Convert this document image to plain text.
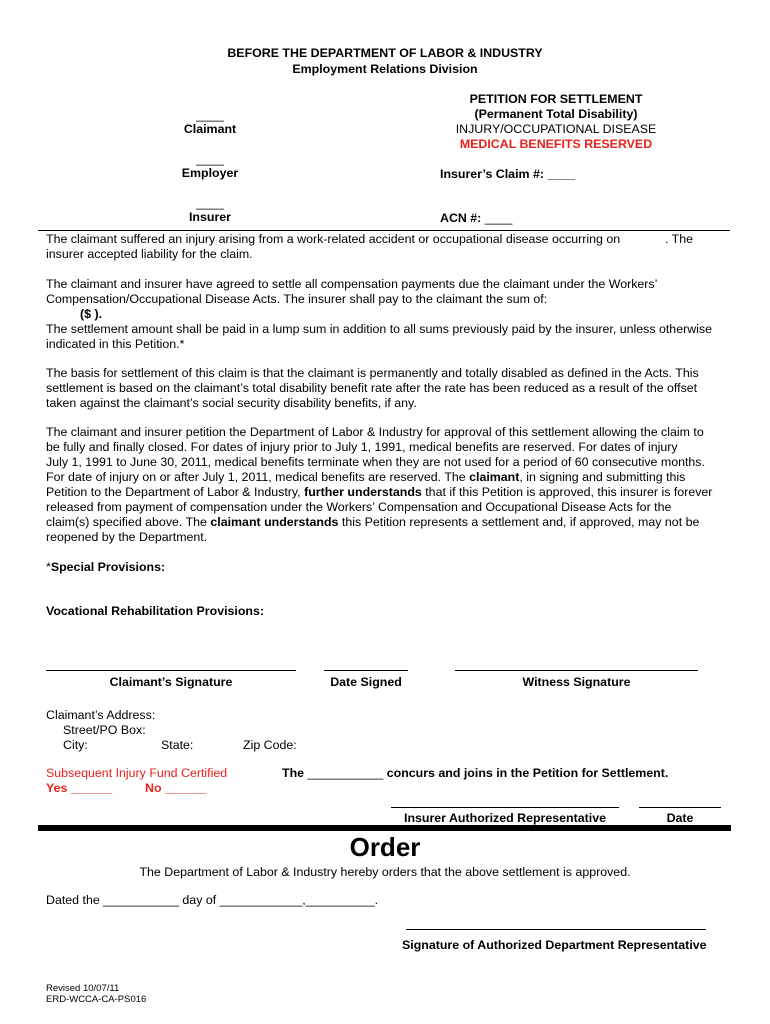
BEFORE THE DEPARTMENT OF LABOR & INDUSTRY
Employment Relations Division
____
Claimant
____
Employer
____
Insurer
PETITION FOR SETTLEMENT
(Permanent Total Disability)
INJURY/OCCUPATIONAL DISEASE
MEDICAL BENEFITS RESERVED
Insurer’s Claim #: ____
ACN #: ____
The claimant suffered an injury arising from a work-related accident or occupational disease occurring on	. The
insurer accepted liability for the claim.

The claimant and insurer have agreed to settle all compensation payments due the claimant under the Workers’

Compensation/Occupational Disease Acts. The insurer shall pay to the claimant the sum of:

($ ).

The settlement amount shall be paid in a lump sum in addition to all sums previously paid by the insurer, unless otherwise

indicated in this Petition.*

The basis for settlement of this claim is that the claimant is permanently and totally disabled as defined in the Acts. This

settlement is based on the claimant’s total disability benefit rate after the rate has been reduced as a result of the offset

taken against the claimant’s social security disability benefits, if any.

The claimant and insurer petition the Department of Labor & Industry for approval of this settlement allowing the claim to

be fully and finally closed. For dates of injury prior to July 1, 1991, medical benefits are reserved. For dates of injury

July 1, 1991 to June 30, 2011, medical benefits terminate when they are not used for a period of 60 consecutive months.

For date of injury on or after July 1, 2011, medical benefits are reserved. The claimant, in signing and submitting this

Petition to the Department of Labor & Industry, further understands that if this Petition is approved, this insurer is forever

released from payment of compensation under the Workers’ Compensation and Occupational Disease Acts for the

claim(s) specified above. The claimant understands this Petition represents a settlement and, if approved, may not be

reopened by the Department.

*Special Provisions:
Vocational Rehabilitation Provisions:
Claimant’s Signature	Date Signed	Witness Signature
Claimant’s Address:
Street/PO Box:
City:	State:	Zip Code:
Subsequent Injury Fund Certified
Yes ______	No ______
The ___________ concurs and joins in the Petition for Settlement.
Insurer Authorized Representative	Date
Order
The Department of Labor & Industry hereby orders that the above settlement is approved.
Dated the ___________ day of ____________,__________.
Signature of Authorized Department Representative
Revised 10/07/11
ERD-WCCA-CA-PS016
